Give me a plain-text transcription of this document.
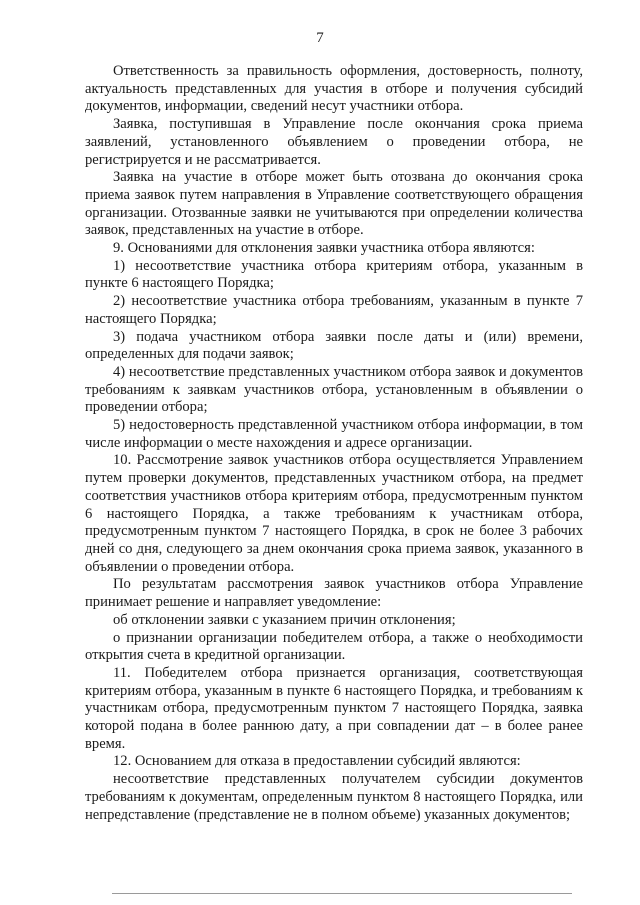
7

Ответственность за правильность оформления, достоверность, полноту, актуальность представленных для участия в отборе и получения субсидий документов, информации, сведений несут участники отбора.

Заявка, поступившая в Управление после окончания срока приема заявлений, установленного объявлением о проведении отбора, не регистрируется и не рассматривается.

Заявка на участие в отборе может быть отозвана до окончания срока приема заявок путем направления в Управление соответствующего обращения организации. Отозванные заявки не учитываются при определении количества заявок, представленных на участие в отборе.

9. Основаниями для отклонения заявки участника отбора являются:

1) несоответствие участника отбора критериям отбора, указанным в пункте 6 настоящего Порядка;

2) несоответствие участника отбора требованиям, указанным в пункте 7 настоящего Порядка;

3) подача участником отбора заявки после даты и (или) времени, определенных для подачи заявок;

4) несоответствие представленных участником отбора заявок и документов требованиям к заявкам участников отбора, установленным в объявлении о проведении отбора;

5) недостоверность представленной участником отбора информации, в том числе информации о месте нахождения и адресе организации.

10. Рассмотрение заявок участников отбора осуществляется Управлением путем проверки документов, представленных участником отбора, на предмет соответствия участников отбора критериям отбора, предусмотренным пунктом 6 настоящего Порядка, а также требованиям к участникам отбора, предусмотренным пунктом 7 настоящего Порядка, в срок не более 3 рабочих дней со дня, следующего за днем окончания срока приема заявок, указанного в объявлении о проведении отбора.

По результатам рассмотрения заявок участников отбора Управление принимает решение и направляет уведомление:

об отклонении заявки с указанием причин отклонения;

о признании организации победителем отбора, а также о необходимости открытия счета в кредитной организации.

11. Победителем отбора признается организация, соответствующая критериям отбора, указанным в пункте 6 настоящего Порядка, и требованиям к участникам отбора, предусмотренным пунктом 7 настоящего Порядка, заявка которой подана в более раннюю дату, а при совпадении дат – в более ранее время.

12. Основанием для отказа в предоставлении субсидий являются:

несоответствие представленных получателем субсидии документов требованиям к документам, определенным пунктом 8 настоящего Порядка, или непредставление (представление не в полном объеме) указанных документов;
